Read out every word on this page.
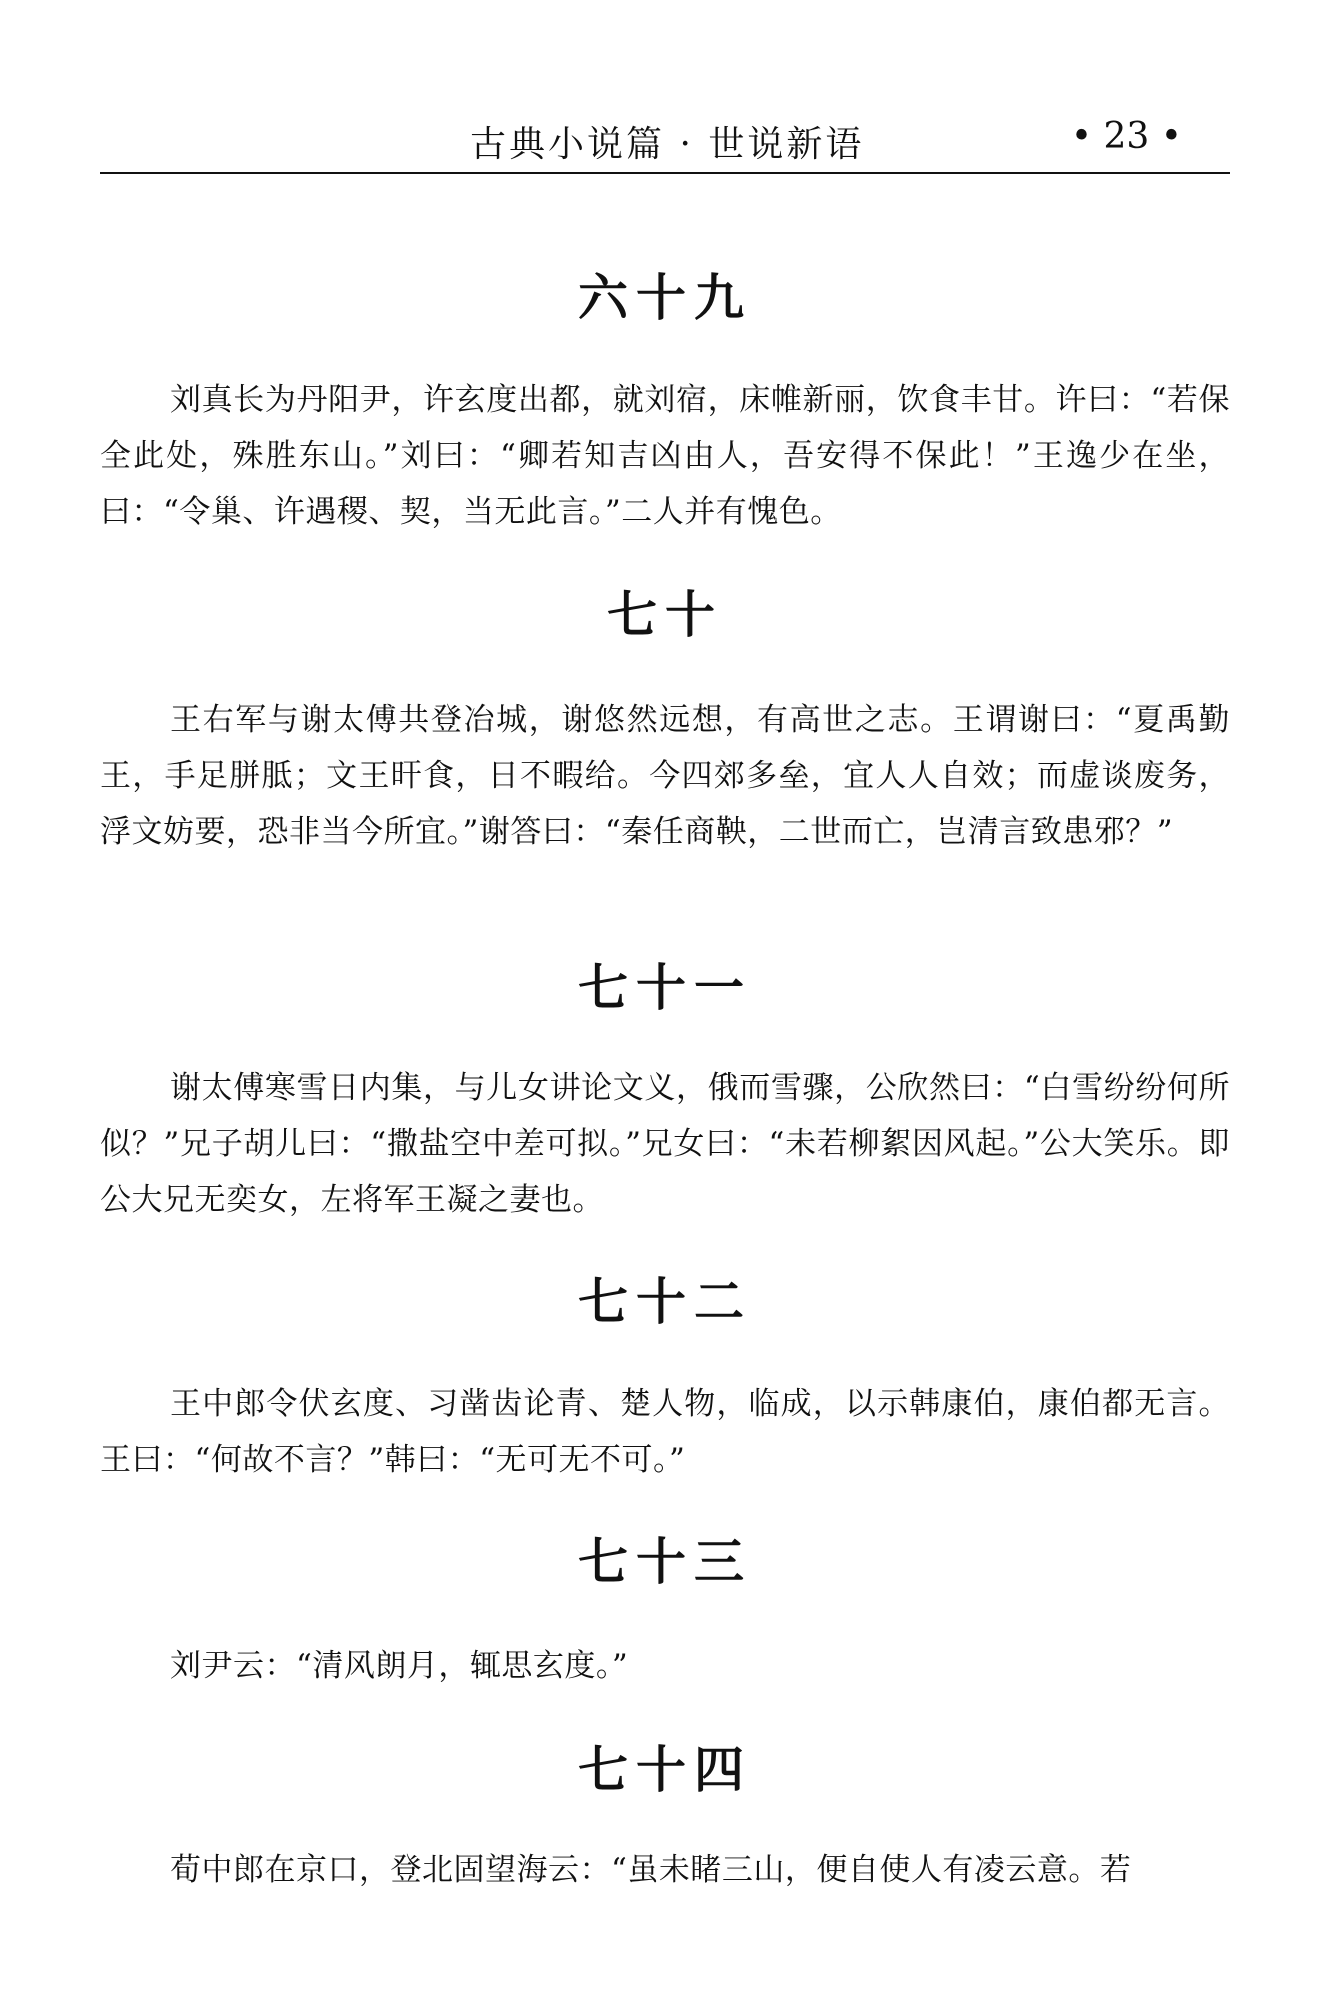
古典小说篇 · 世说新语	• 23 •
六十九

刘真长为丹阳尹，许玄度出都，就刘宿，床帷新丽，饮食丰甘。许曰：“若保全此处，殊胜东山。”刘曰：“卿若知吉凶由人，吾安得不保此！”王逸少在坐，曰：“令巢、许遇稷、契，当无此言。”二人并有愧色。

七十

王右军与谢太傅共登冶城，谢悠然远想，有高世之志。王谓谢曰：“夏禹勤王，手足胼胝；文王旰食，日不暇给。今四郊多垒，宜人人自效；而虚谈废务，浮文妨要，恐非当今所宜。”谢答曰：“秦任商鞅，二世而亡，岂清言致患邪？”

七十一

谢太傅寒雪日内集，与儿女讲论文义，俄而雪骤，公欣然曰：“白雪纷纷何所似？”兄子胡儿曰：“撒盐空中差可拟。”兄女曰：“未若柳絮因风起。”公大笑乐。即公大兄无奕女，左将军王凝之妻也。

七十二

王中郎令伏玄度、习凿齿论青、楚人物，临成，以示韩康伯，康伯都无言。王曰：“何故不言？”韩曰：“无可无不可。”

七十三

刘尹云：“清风朗月，辄思玄度。”

七十四

荀中郎在京口，登北固望海云：“虽未睹三山，便自使人有凌云意。若
